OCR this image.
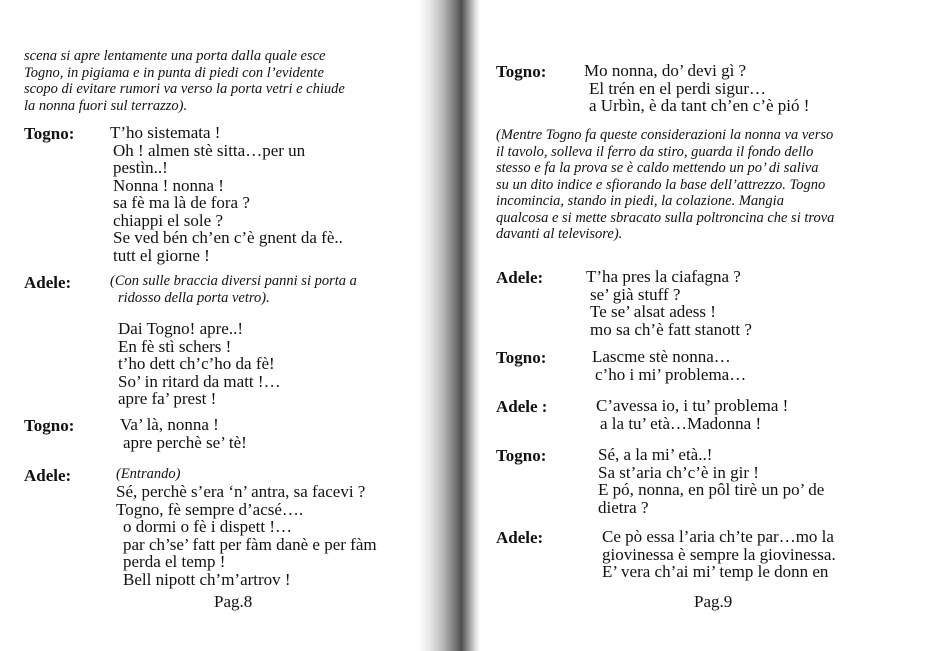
scena si apre lentamente una porta dalla quale esce
Togno, in pigiama e in punta di piedi con l’evidente
scopo di evitare rumori va verso la porta vetri e chiude
la nonna fuori sul terrazzo).
Togno: T’ho sistemata !
Oh ! almen stè sitta…per un
pestìn..!
Nonna ! nonna !
sa fè ma là de fora ?
chiappi el sole ?
Se ved bén ch’en c’è gnent da fè..
tutt el giorne !
Adele:	(Con sulle braccia diversi panni si porta a
ridosso della porta vetro).
Dai Togno! apre..!
En fè stì schers !
t’ho dett ch’c’ho da fè!
So’ in ritard da matt !…
apre fa’ prest !
Togno:	Va’ là, nonna !
apre perchè se’ tè!
Adele:	(Entrando)
Sé, perchè s’era ‘n’ antra, sa facevi ?
Togno, fè sempre d’acsé….
o dormi o fè i dispett !…
par ch’se’ fatt per fàm danè e per fàm
perda el temp !
Bell nipott ch’m’artrov !
Pag.8
Togno: Mo nonna, do’ devi gì ?
El trén en el perdi sigur…
a Urbìn, è da tant ch’en c’è pió !
(Mentre Togno fa queste considerazioni la nonna va verso
il tavolo, solleva il ferro da stiro, guarda il fondo dello
stesso e fa la prova se è caldo mettendo un po’ di saliva
su un dito indice e sfiorando la base dell’attrezzo. Togno
incomincia, stando in piedi, la colazione. Mangia
qualcosa e si mette sbracato sulla poltroncina che si trova
davanti al televisore).
Adele:	T’ha pres la ciafagna ?
se’ già stuff ?
Te se’ alsat adess !
mo sa ch’è fatt stanott ?
Togno:	Lascme stè nonna…
c’ho i mi’ problema…
Adele :	C’avessa io, i tu’ problema !
a la tu’ età…Madonna !
Togno:	Sé, a la mi’ età..!
Sa st’aria ch’c’è in gir !
E pó, nonna, en pôl tirè un po’ de
dietra ?
Adele:	Ce pò essa l’aria ch’te par…mo la
giovinessa è sempre la giovinessa.
E’ vera ch’ai mi’ temp le donn en
Pag.9
